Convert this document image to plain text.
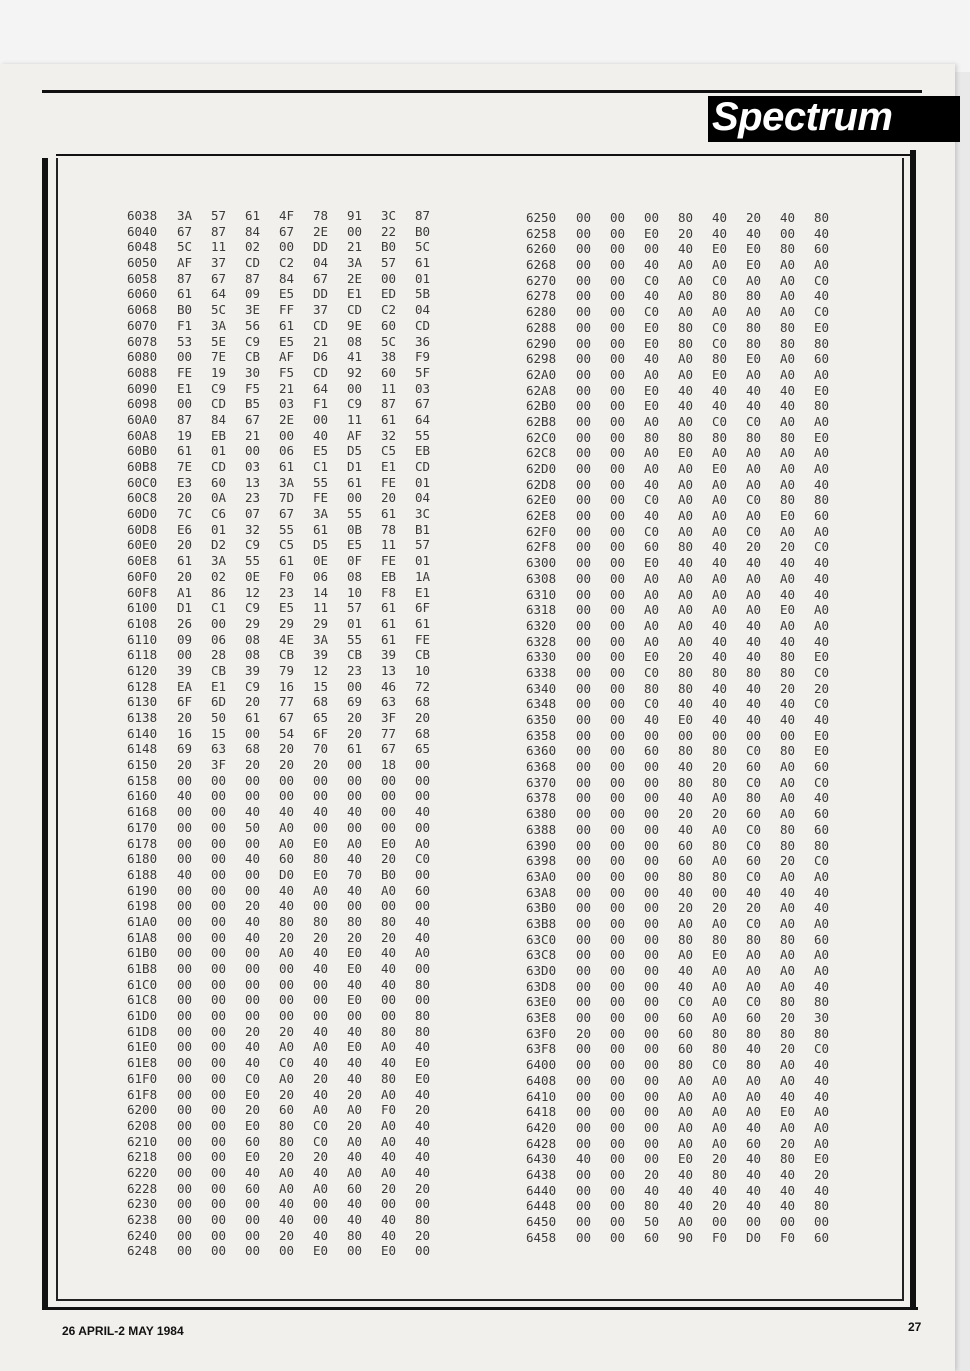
Spectrum
6038	3A	57	61	4F	78	91	3C	87
6040	67	87	84	67	2E	00	22	B0
6048	5C	11	02	00	DD	21	B0	5C
6050	AF	37	CD	C2	04	3A	57	61
6058	87	67	87	84	67	2E	00	01
6060	61	64	09	E5	DD	E1	ED	5B
6068	B0	5C	3E	FF	37	CD	C2	04
6070	F1	3A	56	61	CD	9E	60	CD
6078	53	5E	C9	E5	21	08	5C	36
6080	00	7E	CB	AF	D6	41	38	F9
6088	FE	19	30	F5	CD	92	60	5F
6090	E1	C9	F5	21	64	00	11	03
6098	00	CD	B5	03	F1	C9	87	67
60A0	87	84	67	2E	00	11	61	64
60A8	19	EB	21	00	40	AF	32	55
60B0	61	01	00	06	E5	D5	C5	EB
60B8	7E	CD	03	61	C1	D1	E1	CD
60C0	E3	60	13	3A	55	61	FE	01
60C8	20	0A	23	7D	FE	00	20	04
60D0	7C	C6	07	67	3A	55	61	3C
60D8	E6	01	32	55	61	0B	78	B1
60E0	20	D2	C9	C5	D5	E5	11	57
60E8	61	3A	55	61	0E	0F	FE	01
60F0	20	02	0E	F0	06	08	EB	1A
60F8	A1	86	12	23	14	10	F8	E1
6100	D1	C1	C9	E5	11	57	61	6F
6108	26	00	29	29	29	01	61	61
6110	09	06	08	4E	3A	55	61	FE
6118	00	28	08	CB	39	CB	39	CB
6120	39	CB	39	79	12	23	13	10
6128	EA	E1	C9	16	15	00	46	72
6130	6F	6D	20	77	68	69	63	68
6138	20	50	61	67	65	20	3F	20
6140	16	15	00	54	6F	20	77	68
6148	69	63	68	20	70	61	67	65
6150	20	3F	20	20	20	00	18	00
6158	00	00	00	00	00	00	00	00
6160	40	00	00	00	00	00	00	00
6168	00	00	40	40	40	40	00	40
6170	00	00	50	A0	00	00	00	00
6178	00	00	00	A0	E0	A0	E0	A0
6180	00	00	40	60	80	40	20	C0
6188	40	00	00	D0	E0	70	B0	00
6190	00	00	00	40	A0	40	A0	60
6198	00	00	20	40	00	00	00	00
61A0	00	00	40	80	80	80	80	40
61A8	00	00	40	20	20	20	20	40
61B0	00	00	00	A0	40	E0	40	A0
61B8	00	00	00	00	40	E0	40	00
61C0	00	00	00	00	00	40	40	80
61C8	00	00	00	00	00	E0	00	00
61D0	00	00	00	00	00	00	00	80
61D8	00	00	20	20	40	40	80	80
61E0	00	00	40	A0	A0	E0	A0	40
61E8	00	00	40	C0	40	40	40	E0
61F0	00	00	C0	A0	20	40	80	E0
61F8	00	00	E0	20	40	20	A0	40
6200	00	00	20	60	A0	A0	F0	20
6208	00	00	E0	80	C0	20	A0	40
6210	00	00	60	80	C0	A0	A0	40
6218	00	00	E0	20	20	40	40	40
6220	00	00	40	A0	40	A0	A0	40
6228	00	00	60	A0	A0	60	20	20
6230	00	00	00	40	00	40	00	00
6238	00	00	00	40	00	40	40	80
6240	00	00	00	20	40	80	40	20
6248	00	00	00	00	E0	00	E0	00
6250	00	00	00	80	40	20	40	80
6258	00	00	E0	20	40	40	00	40
6260	00	00	00	40	E0	E0	80	60
6268	00	00	40	A0	A0	E0	A0	A0
6270	00	00	C0	A0	C0	A0	A0	C0
6278	00	00	40	A0	80	80	A0	40
6280	00	00	C0	A0	A0	A0	A0	C0
6288	00	00	E0	80	C0	80	80	E0
6290	00	00	E0	80	C0	80	80	80
6298	00	00	40	A0	80	E0	A0	60
62A0	00	00	A0	A0	E0	A0	A0	A0
62A8	00	00	E0	40	40	40	40	E0
62B0	00	00	E0	40	40	40	40	80
62B8	00	00	A0	A0	C0	C0	A0	A0
62C0	00	00	80	80	80	80	80	E0
62C8	00	00	A0	E0	A0	A0	A0	A0
62D0	00	00	A0	A0	E0	A0	A0	A0
62D8	00	00	40	A0	A0	A0	A0	40
62E0	00	00	C0	A0	A0	C0	80	80
62E8	00	00	40	A0	A0	A0	E0	60
62F0	00	00	C0	A0	A0	C0	A0	A0
62F8	00	00	60	80	40	20	20	C0
6300	00	00	E0	40	40	40	40	40
6308	00	00	A0	A0	A0	A0	A0	40
6310	00	00	A0	A0	A0	A0	40	40
6318	00	00	A0	A0	A0	A0	E0	A0
6320	00	00	A0	A0	40	40	A0	A0
6328	00	00	A0	A0	40	40	40	40
6330	00	00	E0	20	40	40	80	E0
6338	00	00	C0	80	80	80	80	C0
6340	00	00	80	80	40	40	20	20
6348	00	00	C0	40	40	40	40	C0
6350	00	00	40	E0	40	40	40	40
6358	00	00	00	00	00	00	00	E0
6360	00	00	60	80	80	C0	80	E0
6368	00	00	00	40	20	60	A0	60
6370	00	00	00	80	80	C0	A0	C0
6378	00	00	00	40	A0	80	A0	40
6380	00	00	00	20	20	60	A0	60
6388	00	00	00	40	A0	C0	80	60
6390	00	00	00	60	80	C0	80	80
6398	00	00	00	60	A0	60	20	C0
63A0	00	00	00	80	80	C0	A0	A0
63A8	00	00	00	40	00	40	40	40
63B0	00	00	00	20	20	20	A0	40
63B8	00	00	00	A0	A0	C0	A0	A0
63C0	00	00	00	80	80	80	80	60
63C8	00	00	00	A0	E0	A0	A0	A0
63D0	00	00	00	40	A0	A0	A0	A0
63D8	00	00	00	40	A0	A0	A0	40
63E0	00	00	00	C0	A0	C0	80	80
63E8	00	00	00	60	A0	60	20	30
63F0	20	00	00	60	80	80	80	80
63F8	00	00	00	60	80	40	20	C0
6400	00	00	00	80	C0	80	A0	40
6408	00	00	00	A0	A0	A0	A0	40
6410	00	00	00	A0	A0	A0	40	40
6418	00	00	00	A0	A0	A0	E0	A0
6420	00	00	00	A0	A0	40	A0	A0
6428	00	00	00	A0	A0	60	20	A0
6430	40	00	00	E0	20	40	80	E0
6438	00	00	20	40	80	40	40	20
6440	00	00	40	40	40	40	40	40
6448	00	00	80	40	20	40	40	80
6450	00	00	50	A0	00	00	00	00
6458	00	00	60	90	F0	D0	F0	60
26 APRIL-2 MAY 1984	27
